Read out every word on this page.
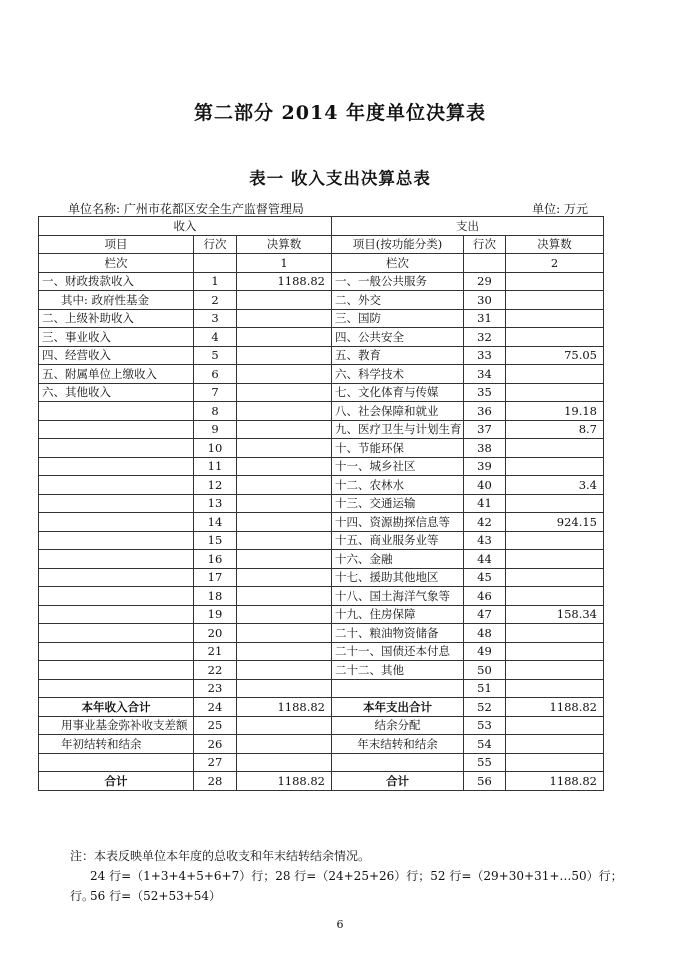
第二部分 2014 年度单位决算表
表一 收入支出决算总表
单位名称: 广州市花都区安全生产监督管理局	单位: 万元
收入			支出		
项目	行次	决算数	项目(按功能分类)	行次	决算数
栏次		1	栏次		2
一、财政拨款收入	1	1188.82	一、一般公共服务	29	
其中: 政府性基金	2		二、外交	30	
二、上级补助收入	3		三、国防	31	
三、事业收入	4		四、公共安全	32	
四、经营收入	5		五、教育	33	75.05
五、附属单位上缴收入	6		六、科学技术	34	
六、其他收入	7		七、文化体育与传媒	35	
	8		八、社会保障和就业	36	19.18
	9		九、医疗卫生与计划生育	37	8.7
	10		十、节能环保	38	
	11		十一、城乡社区	39	
	12		十二、农林水	40	3.4
	13		十三、交通运输	41	
	14		十四、资源勘探信息等	42	924.15
	15		十五、商业服务业等	43	
	16		十六、金融	44	
	17		十七、援助其他地区	45	
	18		十八、国土海洋气象等	46	
	19		十九、住房保障	47	158.34
	20		二十、粮油物资储备	48	
	21		二十一、国债还本付息	49	
	22		二十二、其他	50	
	23			51	
本年收入合计	24	1188.82	本年支出合计	52	1188.82
用事业基金弥补收支差额	25		结余分配	53	
年初结转和结余	26		年末结转和结余	54	
	27			55	
合计	28	1188.82	合计	56	1188.82
注：本表反映单位本年度的总收支和年末结转结余情况。
24 行=（1+3+4+5+6+7）行；28 行=（24+25+26）行；52 行=（29+30+31+…50）行；56 行=（52+53+54）
行。
6
